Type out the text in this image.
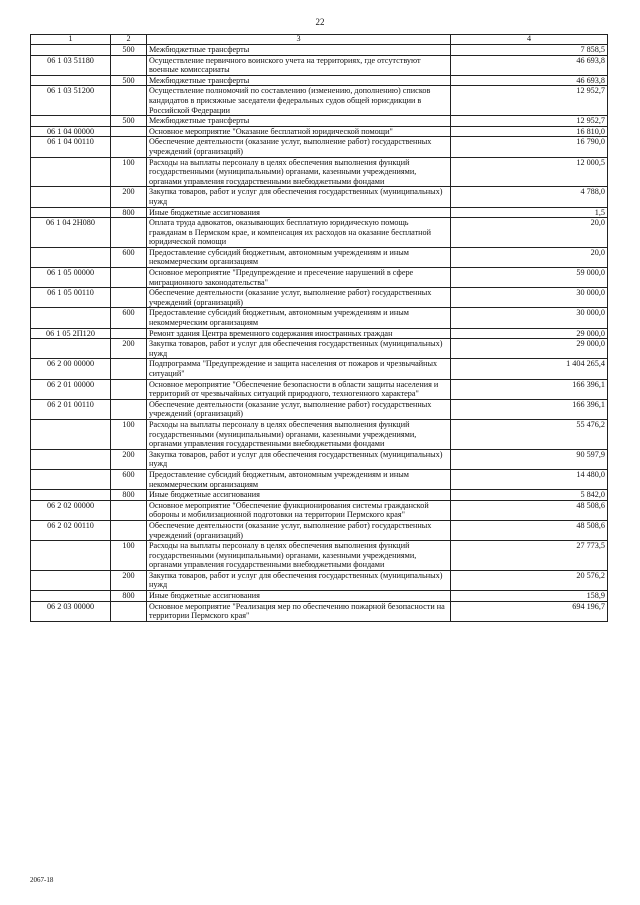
22
1	2	3	4
	500	Межбюджетные трансферты	7 858,5
06 1 03 51180		Осуществление первичного воинского учета на территориях, где отсутствуют военные комиссариаты	46 693,8
	500	Межбюджетные трансферты	46 693,8
06 1 03 51200		Осуществление полномочий по составлению (изменению, дополнению) списков кандидатов в присяжные заседатели федеральных судов общей юрисдикции в Российской Федерации	12 952,7
	500	Межбюджетные трансферты	12 952,7
06 1 04 00000		Основное мероприятие "Оказание бесплатной юридической помощи"	16 810,0
06 1 04 00110		Обеспечение деятельности (оказание услуг, выполнение работ) государственных учреждений (организаций)	16 790,0
	100	Расходы на выплаты персоналу в целях обеспечения выполнения функций государственными (муниципальными) органами, казенными учреждениями, органами управления государственными внебюджетными фондами	12 000,5
	200	Закупка товаров, работ и услуг для обеспечения государственных (муниципальных) нужд	4 788,0
	800	Иные бюджетные ассигнования	1,5
06 1 04 2Н080		Оплата труда адвокатов, оказывающих бесплатную юридическую помощь гражданам в Пермском крае, и компенсация их расходов на оказание бесплатной юридической помощи	20,0
	600	Предоставление субсидий бюджетным, автономным учреждениям и иным некоммерческим организациям	20,0
06 1 05 00000		Основное мероприятие "Предупреждение и пресечение нарушений в сфере миграционного законодательства"	59 000,0
06 1 05 00110		Обеспечение деятельности (оказание услуг, выполнение работ) государственных учреждений (организаций)	30 000,0
	600	Предоставление субсидий бюджетным, автономным учреждениям и иным некоммерческим организациям	30 000,0
06 1 05 2П120		Ремонт здания Центра временного содержания иностранных граждан	29 000,0
	200	Закупка товаров, работ и услуг для обеспечения государственных (муниципальных) нужд	29 000,0
06 2 00 00000		Подпрограмма "Предупреждение и защита населения от пожаров и чрезвычайных ситуаций"	1 404 265,4
06 2 01 00000		Основное мероприятие "Обеспечение безопасности в области защиты населения и территорий от чрезвычайных ситуаций природного, техногенного характера"	166 396,1
06 2 01 00110		Обеспечение деятельности (оказание услуг, выполнение работ) государственных учреждений (организаций)	166 396,1
	100	Расходы на выплаты персоналу в целях обеспечения выполнения функций государственными (муниципальными) органами, казенными учреждениями, органами управления государственными внебюджетными фондами	55 476,2
	200	Закупка товаров, работ и услуг для обеспечения государственных (муниципальных) нужд	90 597,9
	600	Предоставление субсидий бюджетным, автономным учреждениям и иным некоммерческим организациям	14 480,0
	800	Иные бюджетные ассигнования	5 842,0
06 2 02 00000		Основное мероприятие "Обеспечение функционирования системы гражданской обороны и мобилизационной подготовки на территории Пермского края"	48 508,6
06 2 02 00110		Обеспечение деятельности (оказание услуг, выполнение работ) государственных учреждений (организаций)	48 508,6
	100	Расходы на выплаты персоналу в целях обеспечения выполнения функций государственными (муниципальными) органами, казенными учреждениями, органами управления государственными внебюджетными фондами	27 773,5
	200	Закупка товаров, работ и услуг для обеспечения государственных (муниципальных) нужд	20 576,2
	800	Иные бюджетные ассигнования	158,9
06 2 03 00000		Основное мероприятие "Реализация мер по обеспечению пожарной безопасности на территории Пермского края"	694 196,7
2067-18
